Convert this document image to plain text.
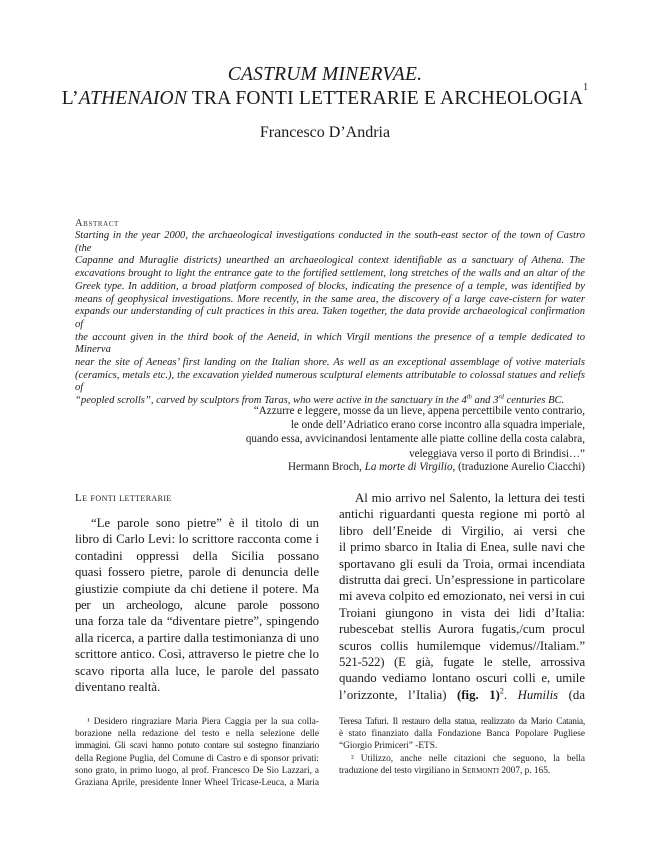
CASTRUM MINERVAE.
L’ATHENAION TRA FONTI LETTERARIE E ARCHEOLOGIA$^1$
Francesco D’Andria
Abstract
Starting in the year 2000, the archaeological investigations conducted in the south-east sector of the town of Castro (the
Capanne and Muraglie districts) unearthed an archaeological context identifiable as a sanctuary of Athena. The
excavations brought to light the entrance gate to the fortified settlement, long stretches of the walls and an altar of the
Greek type. In addition, a broad platform composed of blocks, indicating the presence of a temple, was identified by
means of geophysical investigations. More recently, in the same area, the discovery of a large cave-cistern for water
expands our understanding of cult practices in this area. Taken together, the data provide archaeological confirmation of
the account given in the third book of the Aeneid, in which Virgil mentions the presence of a temple dedicated to Minerva
near the site of Aeneas’ first landing on the Italian shore. As well as an exceptional assemblage of votive materials
(ceramics, metals etc.), the excavation yielded numerous sculptural elements attributable to colossal statues and reliefs of
“peopled scrolls”, carved by sculptors from Taras, who were active in the sanctuary in the 4th and 3rd centuries BC.
“Azzurre e leggere, mosse da un lieve, appena percettibile vento contrario,
le onde dell’Adriatico erano corse incontro alla squadra imperiale,
quando essa, avvicinandosi lentamente alle piatte colline della costa calabra,
veleggiava verso il porto di Brindisi…”
Hermann Broch, La morte di Virgilio, (traduzione Aurelio Ciacchi)
Le fonti letterarie
“Le parole sono pietre” è il titolo di un
libro di Carlo Levi: lo scrittore racconta come i
contadini oppressi della Sicilia possano
quasi fossero pietre, parole di denuncia delle
giustizie compiute da chi detiene il potere. Ma
per un archeologo, alcune parole possono
una forza tale da “diventare pietre”, spingendo
alla ricerca, a partire dalla testimonianza di uno
scrittore antico. Così, attraverso le pietre che lo
scavo riporta alla luce, le parole del passato
diventano realtà.
Al mio arrivo nel Salento, la lettura dei testi
antichi riguardanti questa regione mi portò al
libro dell’Eneide di Virgilio, ai versi che
il primo sbarco in Italia di Enea, sulle navi che
sportavano gli esuli da Troia, ormai incendiata
distrutta dai greci. Un’espressione in particolare
mi aveva colpito ed emozionato, nei versi in cui
Troiani giungono in vista dei lidi d’Italia:
rubescebat stellis Aurora fugatis,/cum procul
scuros collis humilemque videmus//Italiam.”
521-522) (E già, fugate le stelle, arrossiva
quando vediamo lontano oscuri colli e, umile
l’orizzonte, l’Italia) (fig. 1)$^2$. Humilis (da
¹ Desidero ringraziare Maria Piera Caggia per la sua colla-
borazione nella redazione del testo e nella selezione delle
immagini. Gli scavi hanno potuto contare sul sostegno finanziario
della Regione Puglia, del Comune di Castro e di sponsor privati:
sono grato, in primo luogo, al prof. Francesco De Sio Lazzari, a
Graziana Aprile, presidente Inner Wheel Tricase-Leuca, a Maria
Teresa Tafuri. Il restauro della statua, realizzato da Mario Catania,
è stato finanziato dalla Fondazione Banca Popolare Pugliese
“Giorgio Primiceri” -ETS.
² Utilizzo, anche nelle citazioni che seguono, la bella
traduzione del testo virgiliano in Sermonti 2007, p. 165.
